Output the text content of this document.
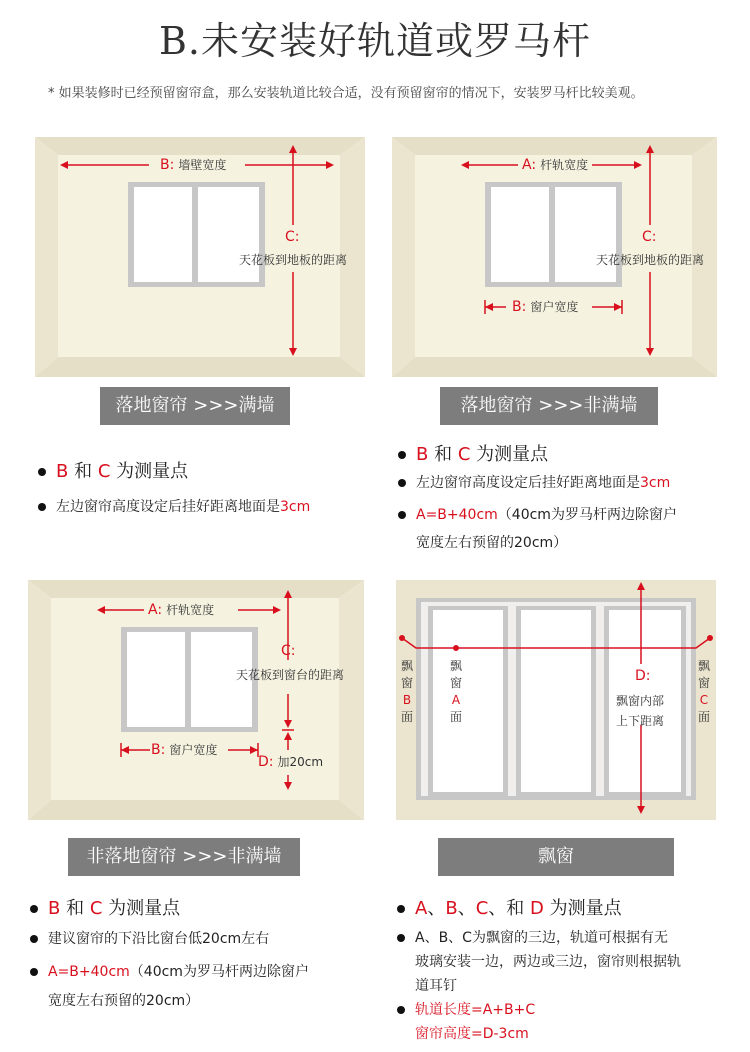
B.未安装好轨道或罗马杆
* 如果装修时已经预留窗帘盒，那么安装轨道比较合适，没有预留窗帘的情况下，安装罗马杆比较美观。
B: 墙壁宽度
C:
天花板到地板的距离
落地窗帘 >>>满墙
B 和 C 为测量点
左边窗帘高度设定后挂好距离地面是3cm
A: 杆轨宽度
B: 窗户宽度
C:
天花板到地板的距离
落地窗帘 >>>非满墙
B 和 C 为测量点
左边窗帘高度设定后挂好距离地面是3cm
A=B+40cm（40cm为罗马杆两边除窗户
宽度左右预留的20cm）
A: 杆轨宽度
B: 窗户宽度
C:
天花板到窗台的距离
D: 加20cm
非落地窗帘 >>>非满墙
B 和 C 为测量点
建议窗帘的下沿比窗台低20cm左右
A=B+40cm（40cm为罗马杆两边除窗户
宽度左右预留的20cm）
飘
窗
B
面
飘
窗
A
面
飘
窗
C
面
D:
飘窗内部
上下距离
飘窗
A、B、C、和 D 为测量点
A、B、C为飘窗的三边，轨道可根据有无
玻璃安装一边，两边或三边，窗帘则根据轨
道耳钉
轨道长度=A+B+C
窗帘高度=D-3cm
